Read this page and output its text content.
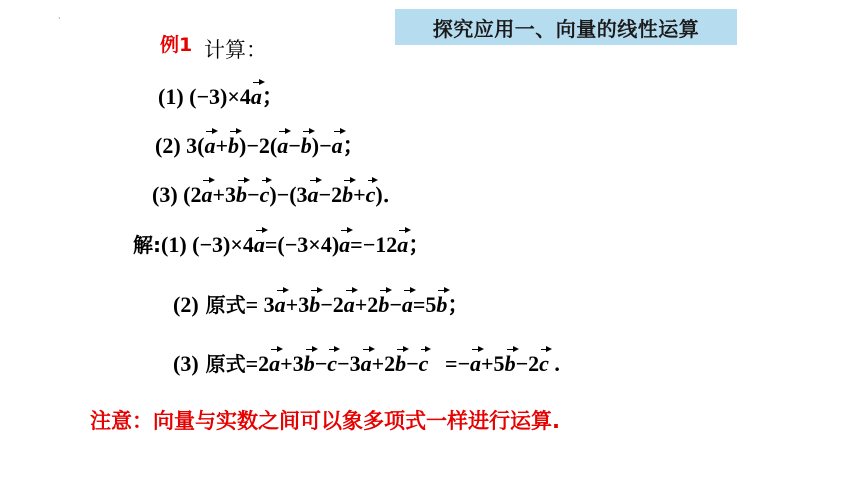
·	探究应用一、向量的线性运算
例1 计算：
(1) (−3)×4a；
(2) 3(a+b)−2(a−b)−a；
(3) (2a+3b−c)−(3a−2b+c)．
解:(1) (−3)×4a=(−3×4)a=−12a；
(2) 原式= 3a+3b−2a+2b−a=5b；
(3) 原式=2a+3b−c−3a+2b−c   =−a+5b−2c .
注意：向量与实数之间可以象多项式一样进行运算.
